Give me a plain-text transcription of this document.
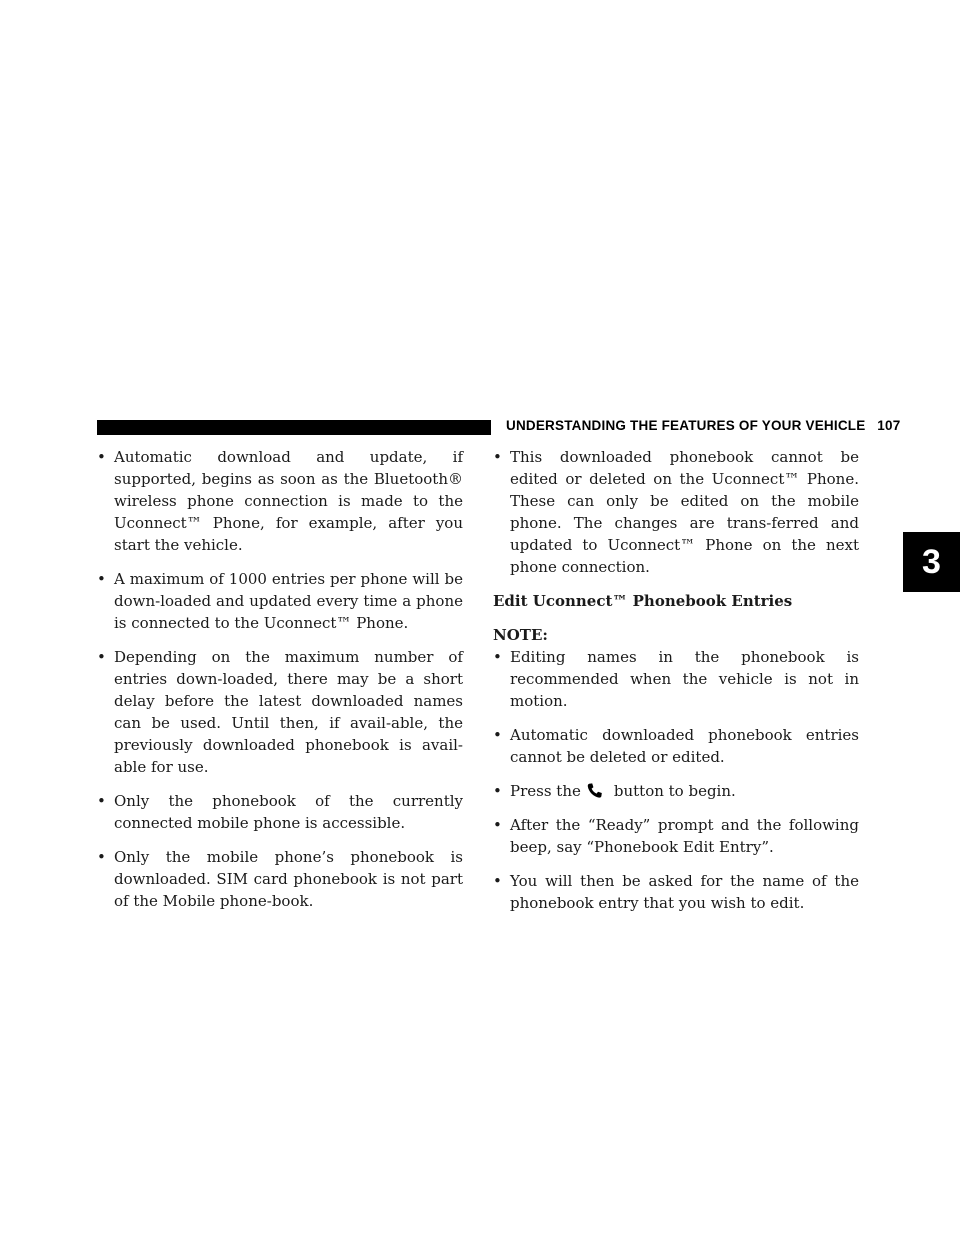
UNDERSTANDING THE FEATURES OF YOUR VEHICLE 107
3

• Automatic download and update, if supported, begins as soon as the Bluetooth® wireless phone connection is made to the Uconnect™ Phone, for example, after you start the vehicle.

• A maximum of 1000 entries per phone will be down-loaded and updated every time a phone is connected to the Uconnect™ Phone.

• Depending on the maximum number of entries down-loaded, there may be a short delay before the latest downloaded names can be used. Until then, if avail-able, the previously downloaded phonebook is avail-able for use.

• Only the phonebook of the currently connected mobile phone is accessible.

• Only the mobile phone’s phonebook is downloaded. SIM card phonebook is not part of the Mobile phone-book.

• This downloaded phonebook cannot be edited or deleted on the Uconnect™ Phone. These can only be edited on the mobile phone. The changes are trans-ferred and updated to Uconnect™ Phone on the next phone connection.

Edit Uconnect™ Phonebook Entries

NOTE:

• Editing names in the phonebook is recommended when the vehicle is not in motion.

• Automatic downloaded phonebook entries cannot be deleted or edited.

• Press the button to begin.

• After the “Ready” prompt and the following beep, say “Phonebook Edit Entry”.

• You will then be asked for the name of the phonebook entry that you wish to edit.
